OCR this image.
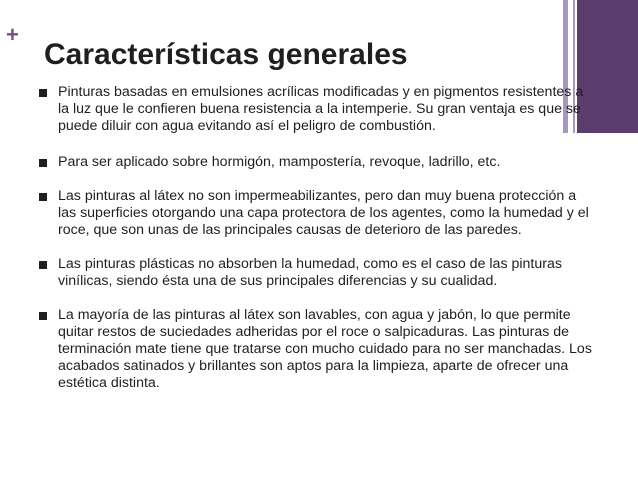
+
Características generales
Pinturas basadas en emulsiones acrílicas modificadas y en pigmentos resistentes a la luz que le confieren buena resistencia a la intemperie. Su gran ventaja es que se puede diluir con agua evitando así el peligro de combustión.
Para ser aplicado sobre hormigón, mampostería, revoque, ladrillo, etc.
Las pinturas al látex no son impermeabilizantes, pero dan muy buena protección a las superficies otorgando una capa protectora de los agentes, como la humedad y el roce, que son unas de las principales causas de deterioro de las paredes.
Las pinturas plásticas no absorben la humedad, como es el caso de las pinturas vinílicas, siendo ésta una de sus principales diferencias y su cualidad.
La mayoría de las pinturas al látex son lavables, con agua y jabón, lo que permite quitar restos de suciedades adheridas por el roce o salpicaduras. Las pinturas de terminación mate tiene que tratarse con mucho cuidado para no ser manchadas. Los acabados satinados y brillantes son aptos para la limpieza, aparte de ofrecer una estética distinta.
